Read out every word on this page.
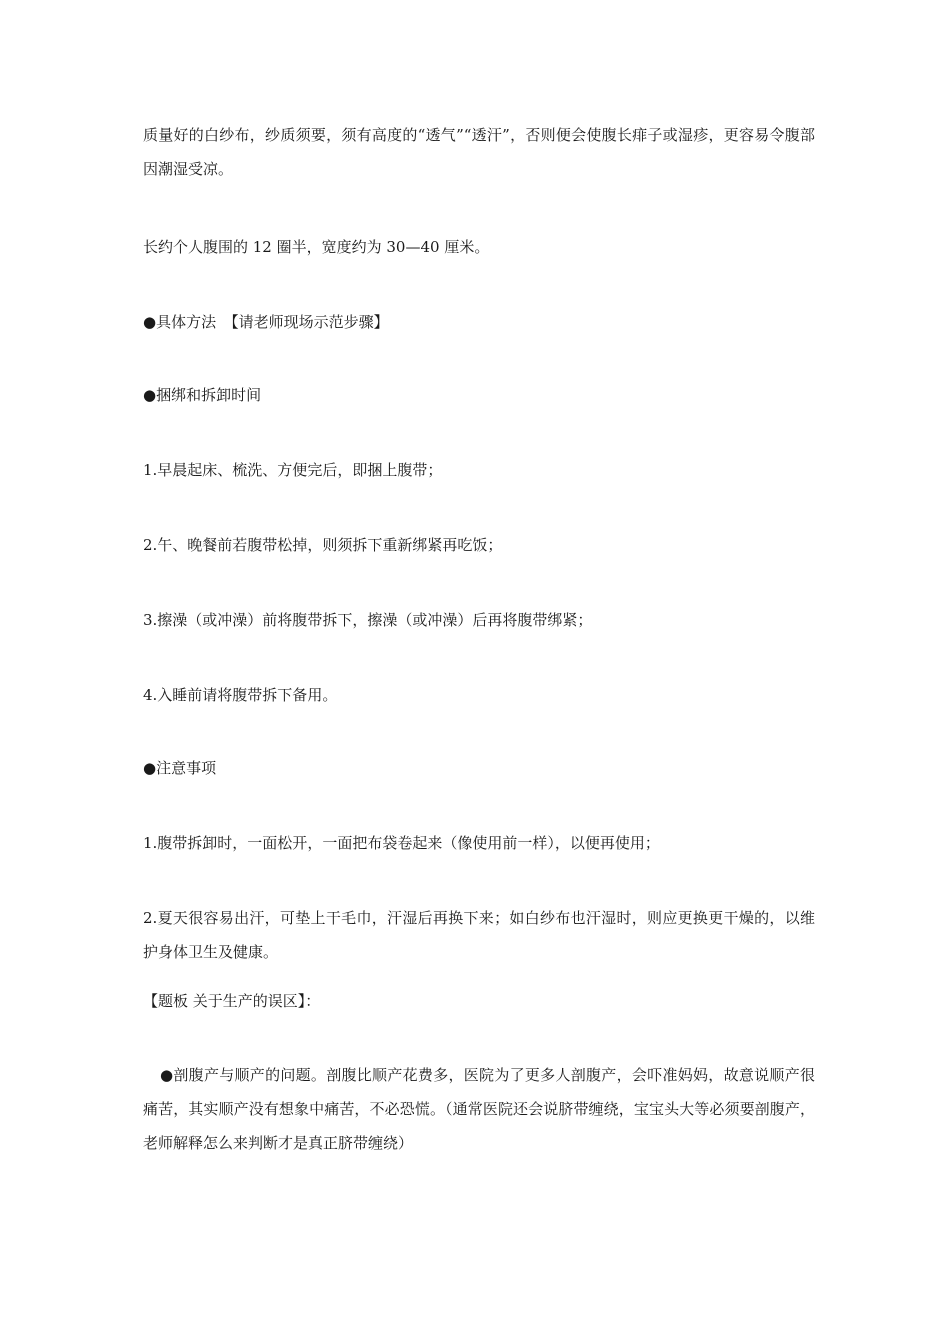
质量好的白纱布，纱质须要，须有高度的“透气”“透汗”，否则便会使腹长痱子或湿疹，更容易令腹部因潮湿受凉。

长约个人腹围的 12 圈半，宽度约为 30—40 厘米。

●具体方法　【请老师现场示范步骤】

●捆绑和拆卸时间

1.早晨起床、梳洗、方便完后，即捆上腹带；

2.午、晚餐前若腹带松掉，则须拆下重新绑紧再吃饭；

3.擦澡（或冲澡）前将腹带拆下，擦澡（或冲澡）后再将腹带绑紧；

4.入睡前请将腹带拆下备用。

●注意事项

1.腹带拆卸时，一面松开，一面把布袋卷起来（像使用前一样），以便再使用；

2.夏天很容易出汗，可垫上干毛巾，汗湿后再换下来；如白纱布也汗湿时，则应更换更干燥的，以维护身体卫生及健康。

【题板 关于生产的误区】：

●剖腹产与顺产的问题。剖腹比顺产花费多，医院为了更多人剖腹产，会吓准妈妈，故意说顺产很痛苦，其实顺产没有想象中痛苦，不必恐慌。（通常医院还会说脐带缠绕，宝宝头大等必须要剖腹产，老师解释怎么来判断才是真正脐带缠绕）
